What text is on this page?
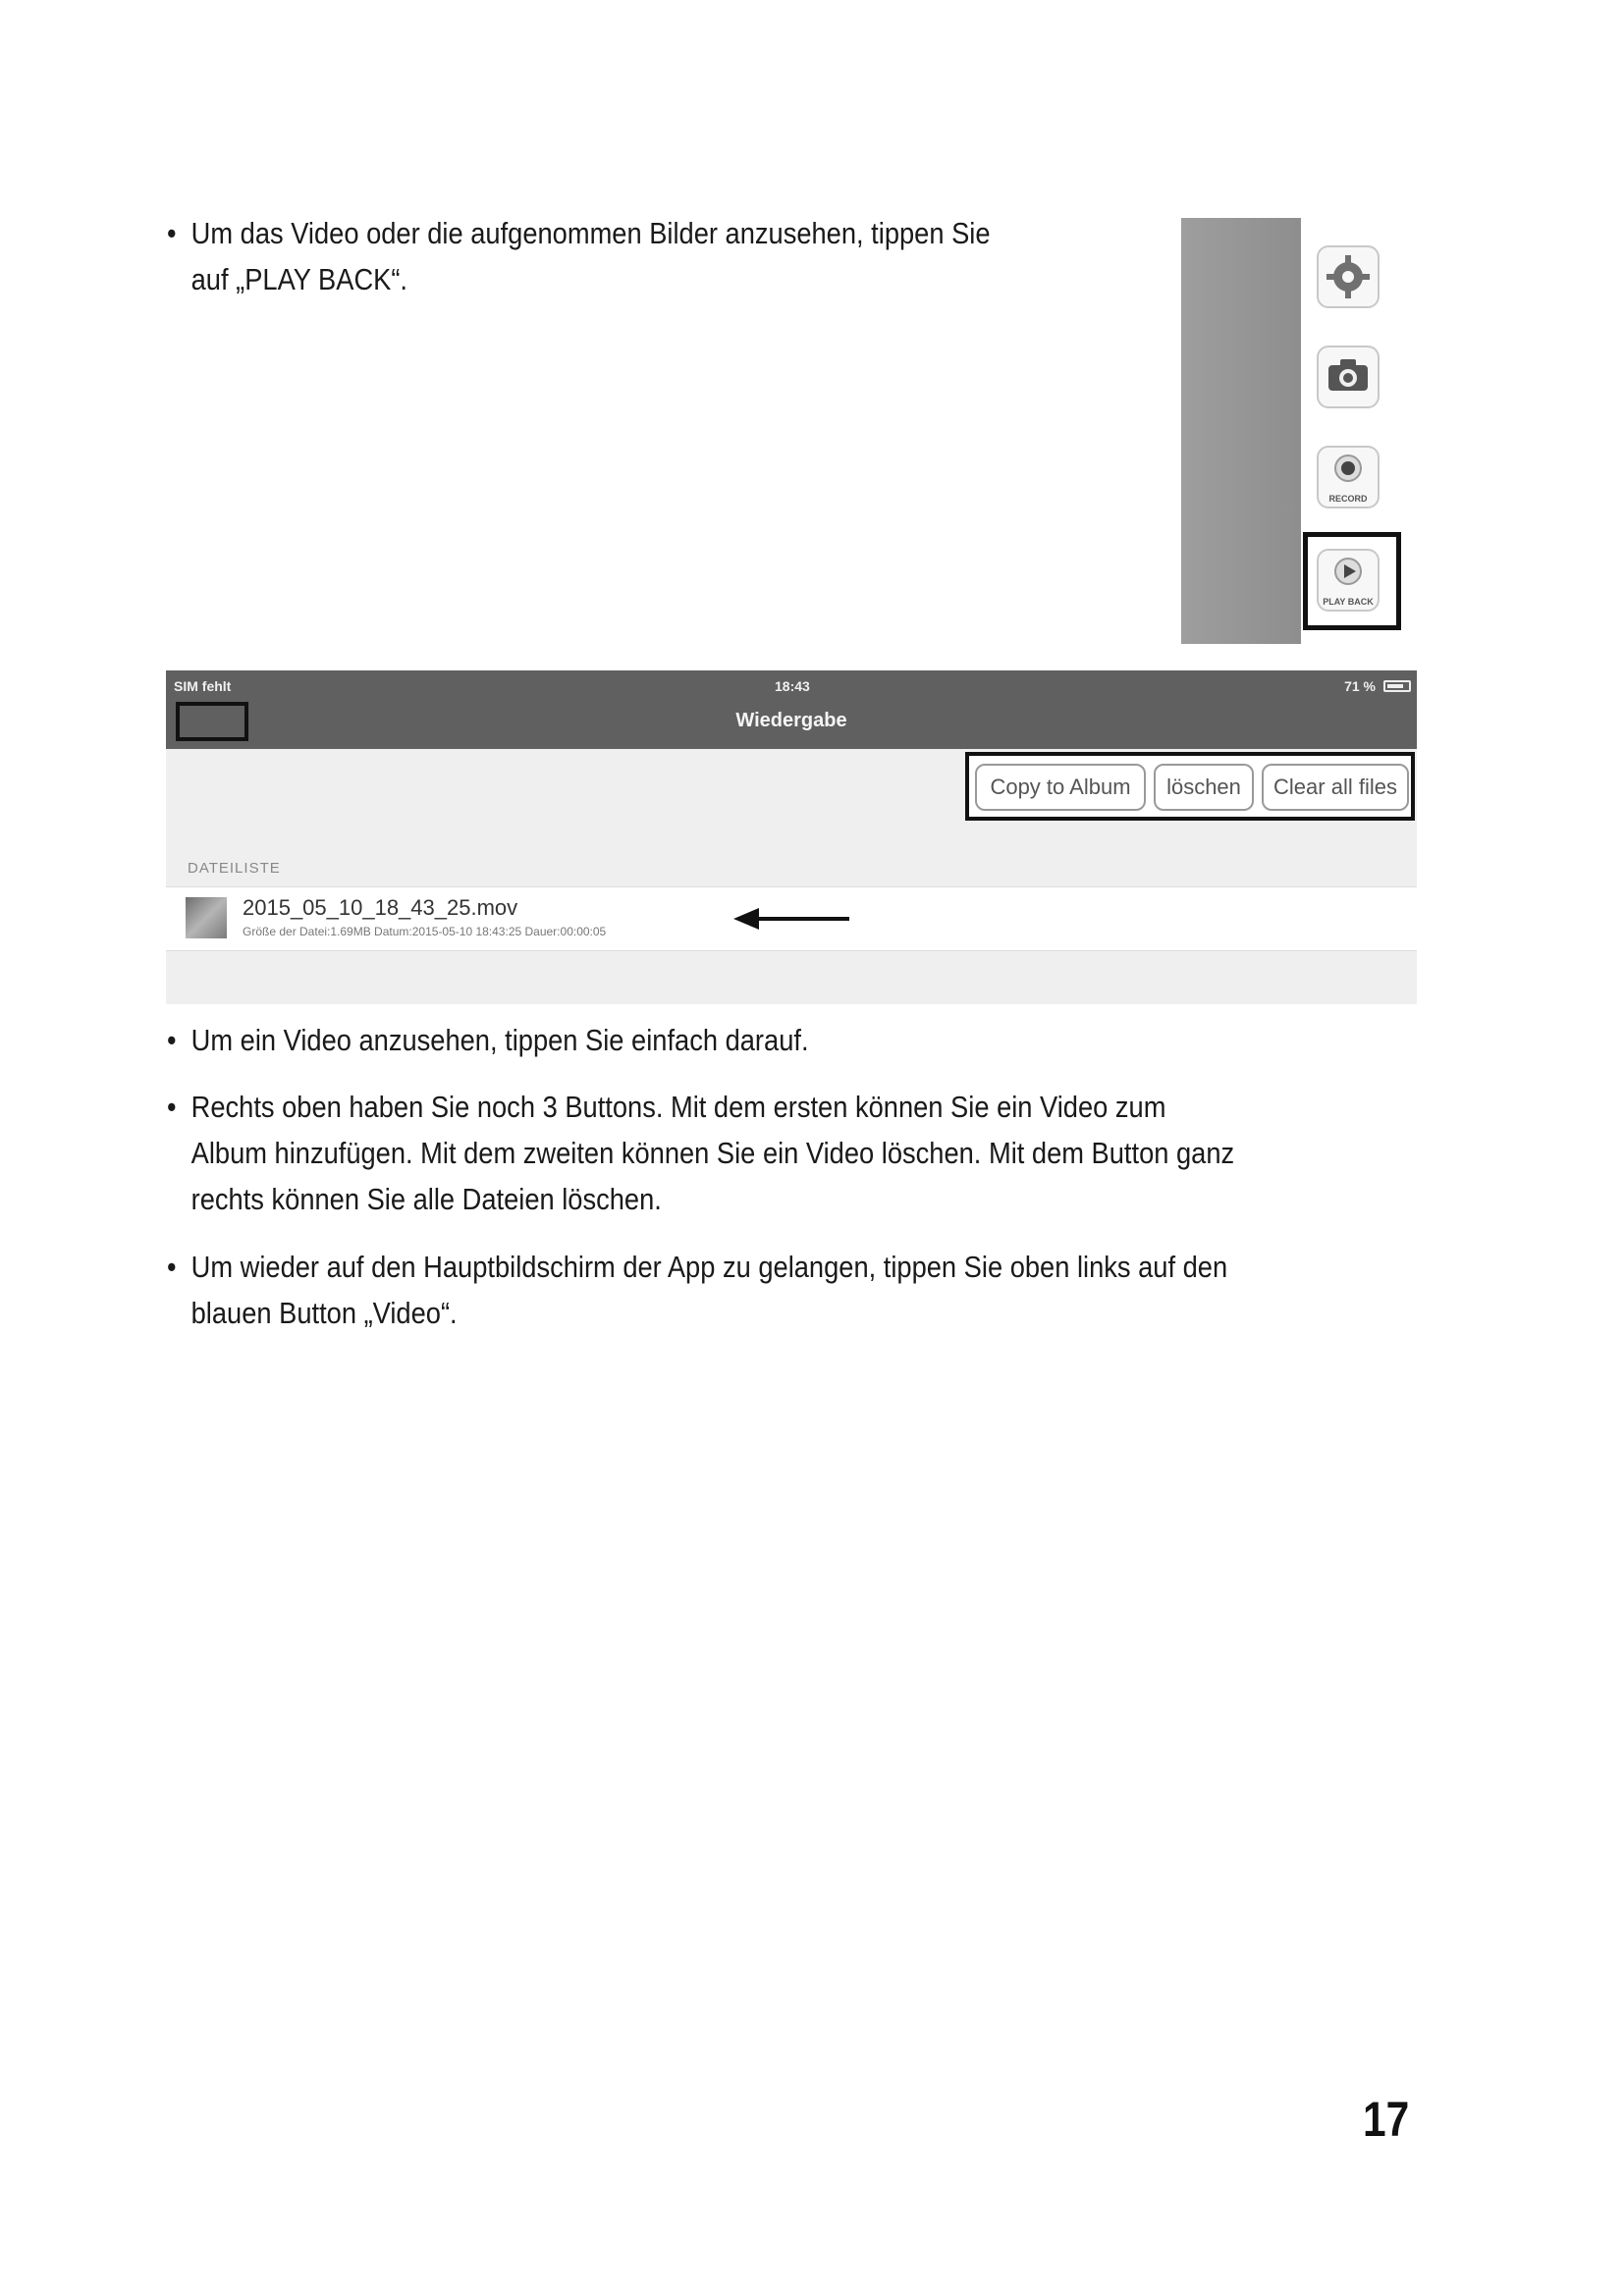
• Um das Video oder die aufgenommen Bilder anzusehen, tippen Sie auf „PLAY BACK“.
RECORD
PLAY BACK
SIM fehlt	18:43	71 %
Wiedergabe
Copy to Album	löschen	Clear all files
DATEILISTE
2015_05_10_18_43_25.mov
Größe der Datei:1.69MB Datum:2015-05-10 18:43:25 Dauer:00:00:05
• Um ein Video anzusehen, tippen Sie einfach darauf.
• Rechts oben haben Sie noch 3 Buttons. Mit dem ersten können Sie ein Video zum Album hinzufügen. Mit dem zweiten können Sie ein Video löschen. Mit dem Button ganz rechts können Sie alle Dateien löschen.
• Um wieder auf den Hauptbildschirm der App zu gelangen, tippen Sie oben links auf den blauen Button „Video“.
17
